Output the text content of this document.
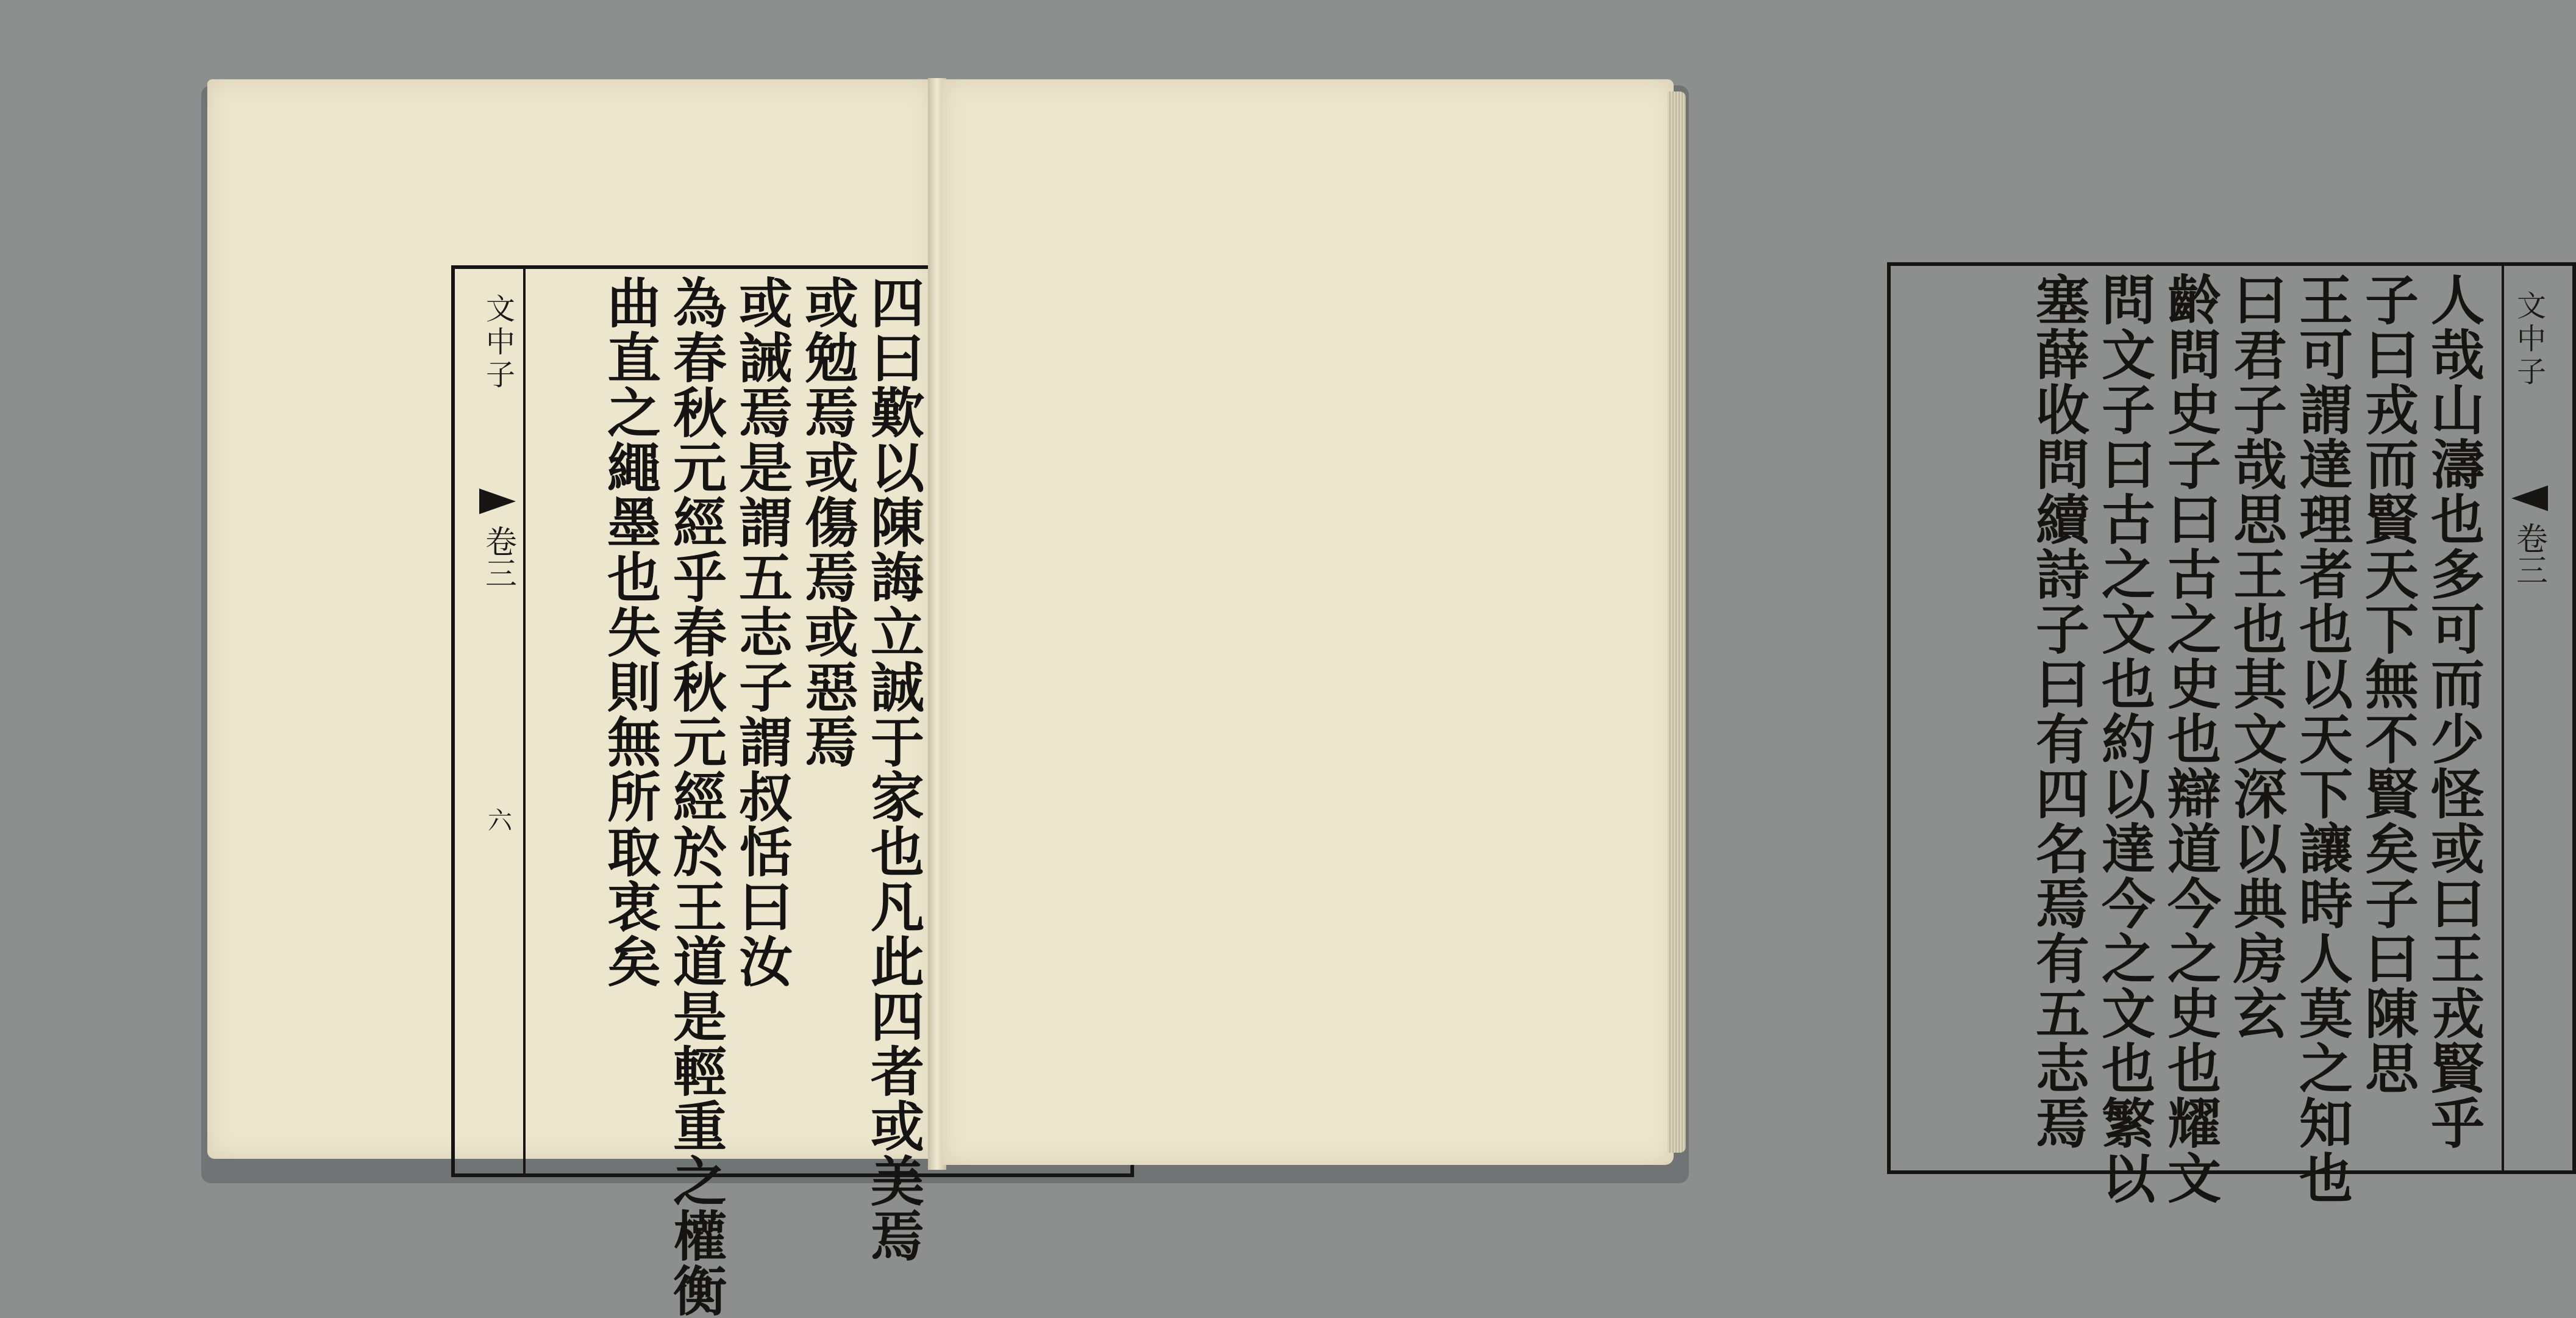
文中子
卷三
六	四曰歎以陳誨立誠于家也凡此四者或美焉
或勉焉或傷焉或惡焉
或誡焉是謂五志子謂叔恬曰汝
為春秋元經乎春秋元經於王道是輕重之權衡
曲直之繩墨也失則無所取衷矣	文中子
卷三
人哉山濤也多可而少怪或曰王戎賢乎
子曰戎而賢天下無不賢矣子曰陳思
王可謂達理者也以天下讓時人莫之知也
曰君子哉思王也其文深以典房玄
齡問史子曰古之史也辯道今之史也耀文
問文子曰古之文也約以達今之文也繁以
塞薛收問續詩子曰有四名焉有五志焉
